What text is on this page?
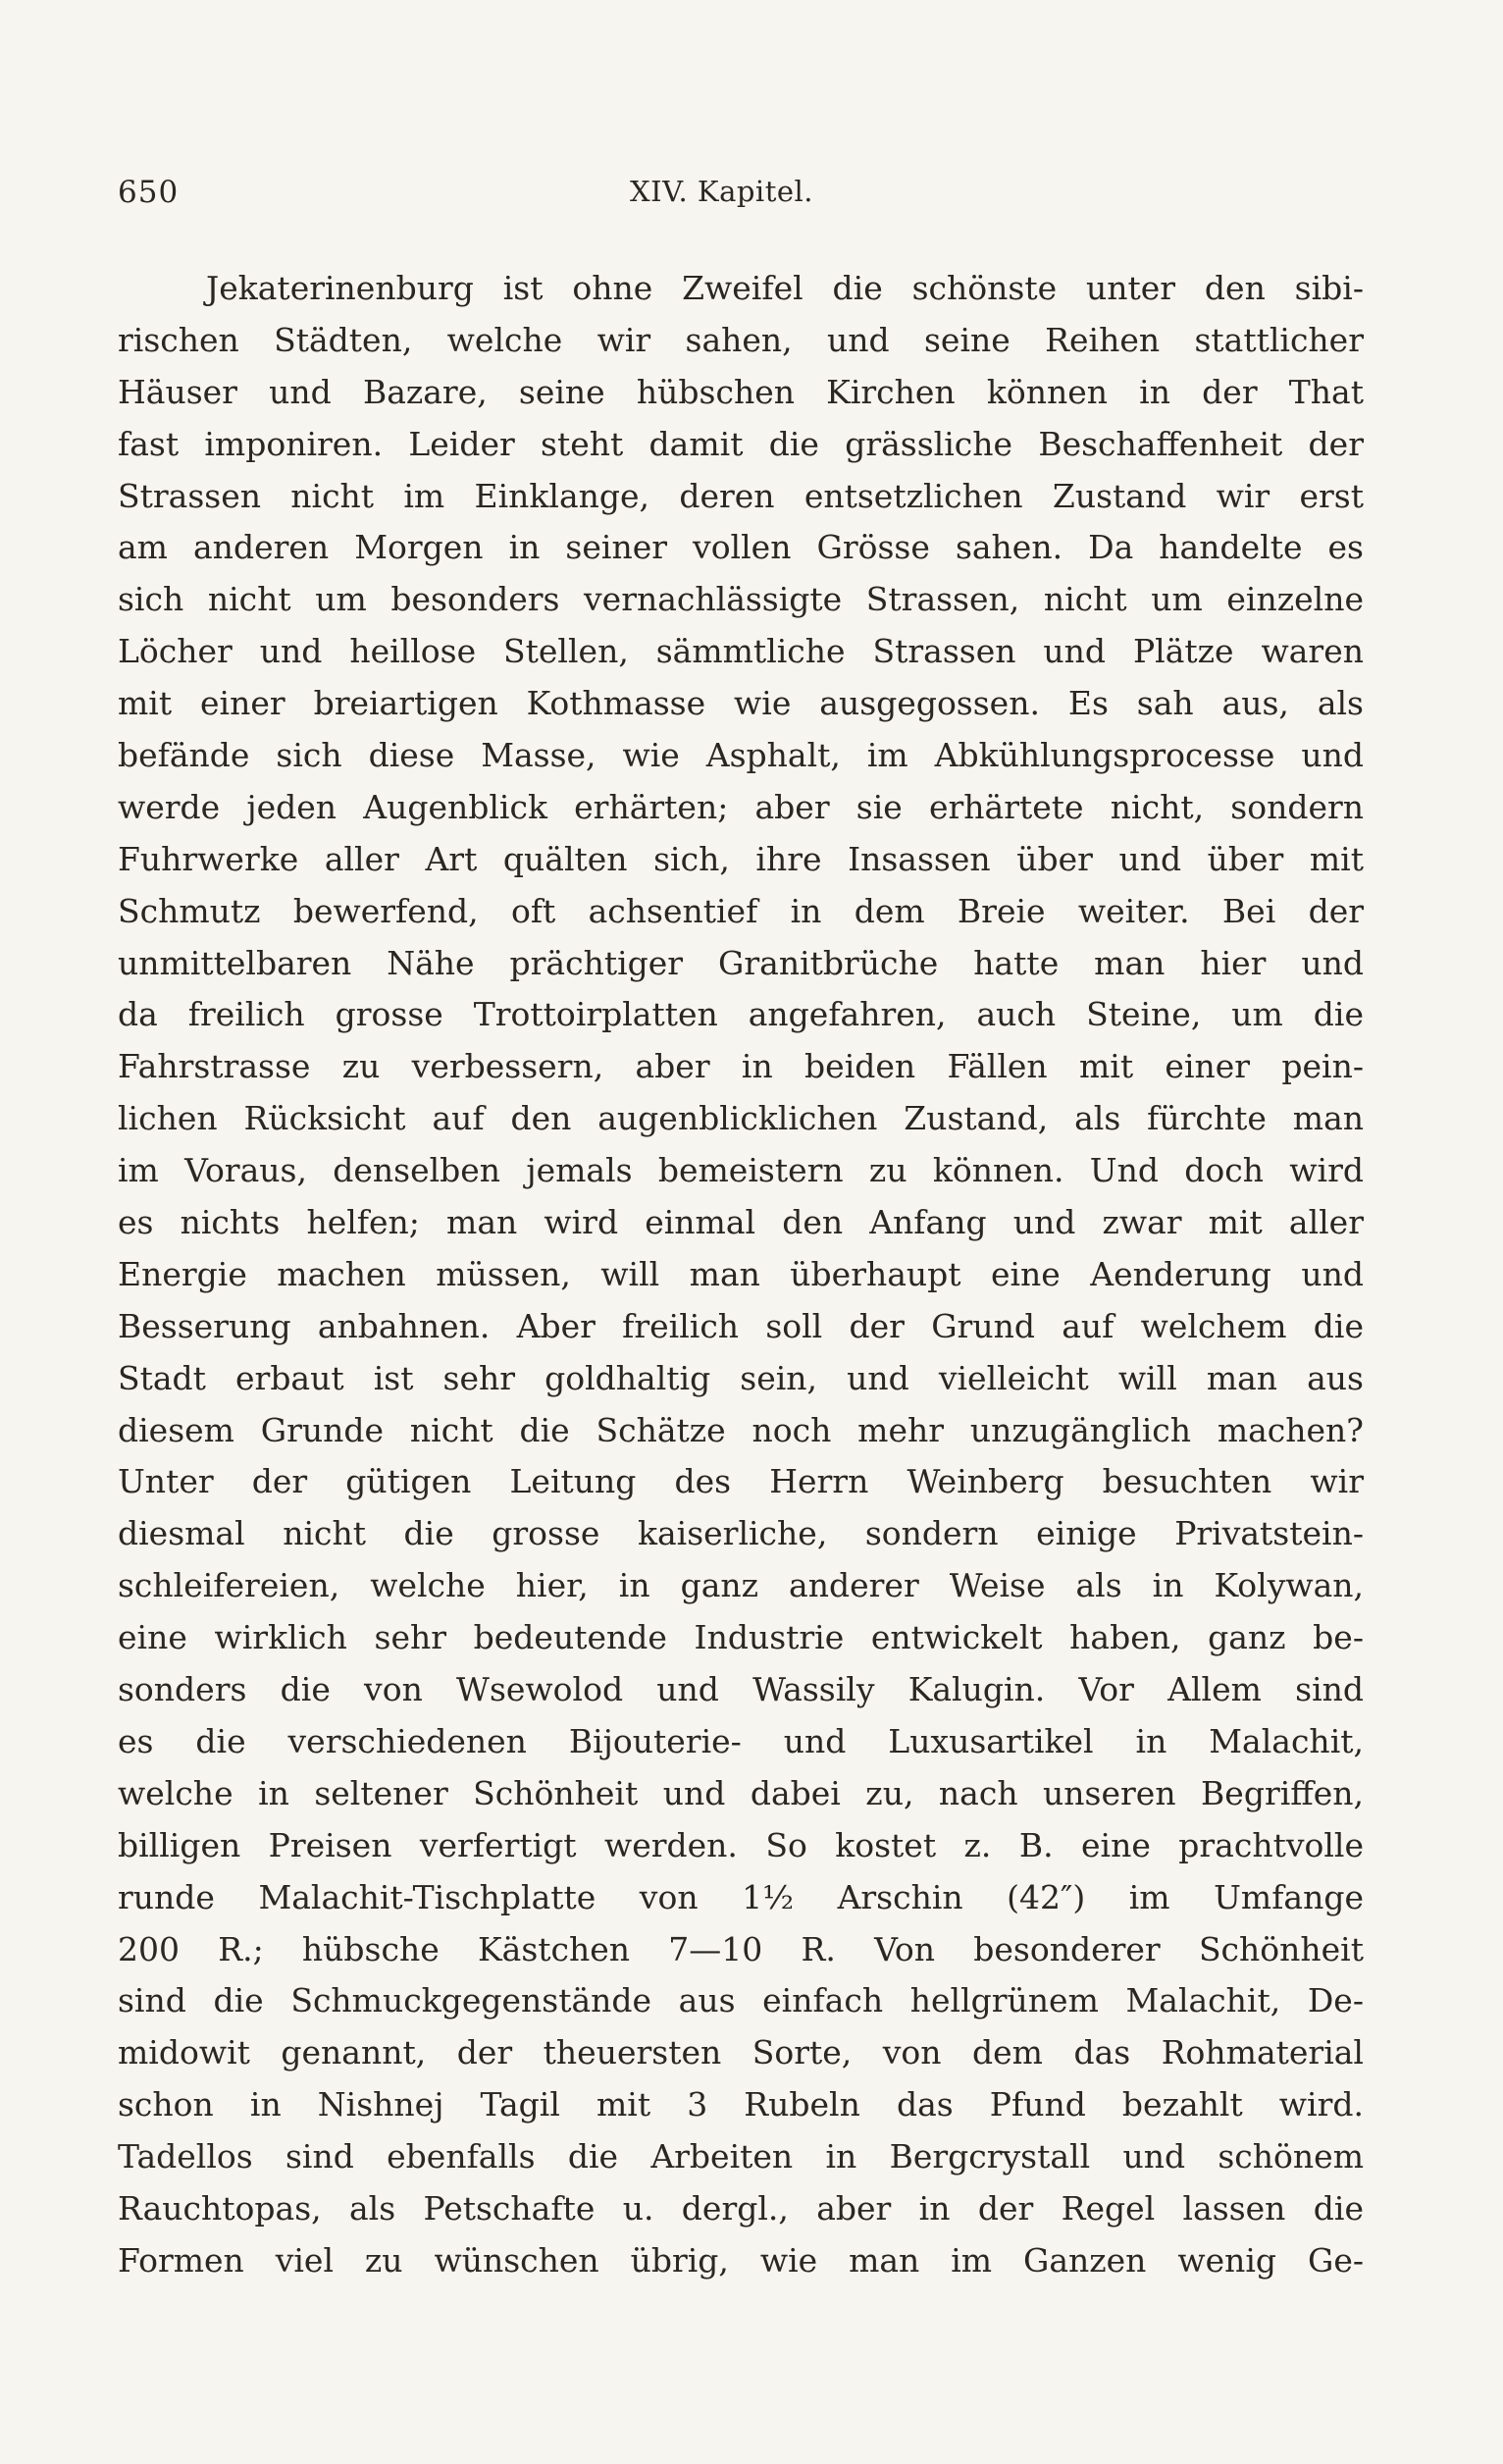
650	XIV. Kapitel.
Jekaterinenburg ist ohne Zweifel die schönste unter den sibi-
rischen Städten, welche wir sahen, und seine Reihen stattlicher
Häuser und Bazare, seine hübschen Kirchen können in der That
fast imponiren. Leider steht damit die grässliche Beschaffenheit der
Strassen nicht im Einklange, deren entsetzlichen Zustand wir erst
am anderen Morgen in seiner vollen Grösse sahen. Da handelte es
sich nicht um besonders vernachlässigte Strassen, nicht um einzelne
Löcher und heillose Stellen, sämmtliche Strassen und Plätze waren
mit einer breiartigen Kothmasse wie ausgegossen. Es sah aus, als
befände sich diese Masse, wie Asphalt, im Abkühlungsprocesse und
werde jeden Augenblick erhärten; aber sie erhärtete nicht, sondern
Fuhrwerke aller Art quälten sich, ihre Insassen über und über mit
Schmutz bewerfend, oft achsentief in dem Breie weiter. Bei der
unmittelbaren Nähe prächtiger Granitbrüche hatte man hier und
da freilich grosse Trottoirplatten angefahren, auch Steine, um die
Fahrstrasse zu verbessern, aber in beiden Fällen mit einer pein-
lichen Rücksicht auf den augenblicklichen Zustand, als fürchte man
im Voraus, denselben jemals bemeistern zu können. Und doch wird
es nichts helfen; man wird einmal den Anfang und zwar mit aller
Energie machen müssen, will man überhaupt eine Aenderung und
Besserung anbahnen. Aber freilich soll der Grund auf welchem die
Stadt erbaut ist sehr goldhaltig sein, und vielleicht will man aus
diesem Grunde nicht die Schätze noch mehr unzugänglich machen?
Unter der gütigen Leitung des Herrn Weinberg besuchten wir
diesmal nicht die grosse kaiserliche, sondern einige Privatstein-
schleifereien, welche hier, in ganz anderer Weise als in Kolywan,
eine wirklich sehr bedeutende Industrie entwickelt haben, ganz be-
sonders die von Wsewolod und Wassily Kalugin. Vor Allem sind
es die verschiedenen Bijouterie- und Luxusartikel in Malachit,
welche in seltener Schönheit und dabei zu, nach unseren Begriffen,
billigen Preisen verfertigt werden. So kostet z. B. eine prachtvolle
runde Malachit-Tischplatte von 1½ Arschin (42″) im Umfange
200 R.; hübsche Kästchen 7—10 R. Von besonderer Schönheit
sind die Schmuckgegenstände aus einfach hellgrünem Malachit, De-
midowit genannt, der theuersten Sorte, von dem das Rohmaterial
schon in Nishnej Tagil mit 3 Rubeln das Pfund bezahlt wird.
Tadellos sind ebenfalls die Arbeiten in Bergcrystall und schönem
Rauchtopas, als Petschafte u. dergl., aber in der Regel lassen die
Formen viel zu wünschen übrig, wie man im Ganzen wenig Ge-
